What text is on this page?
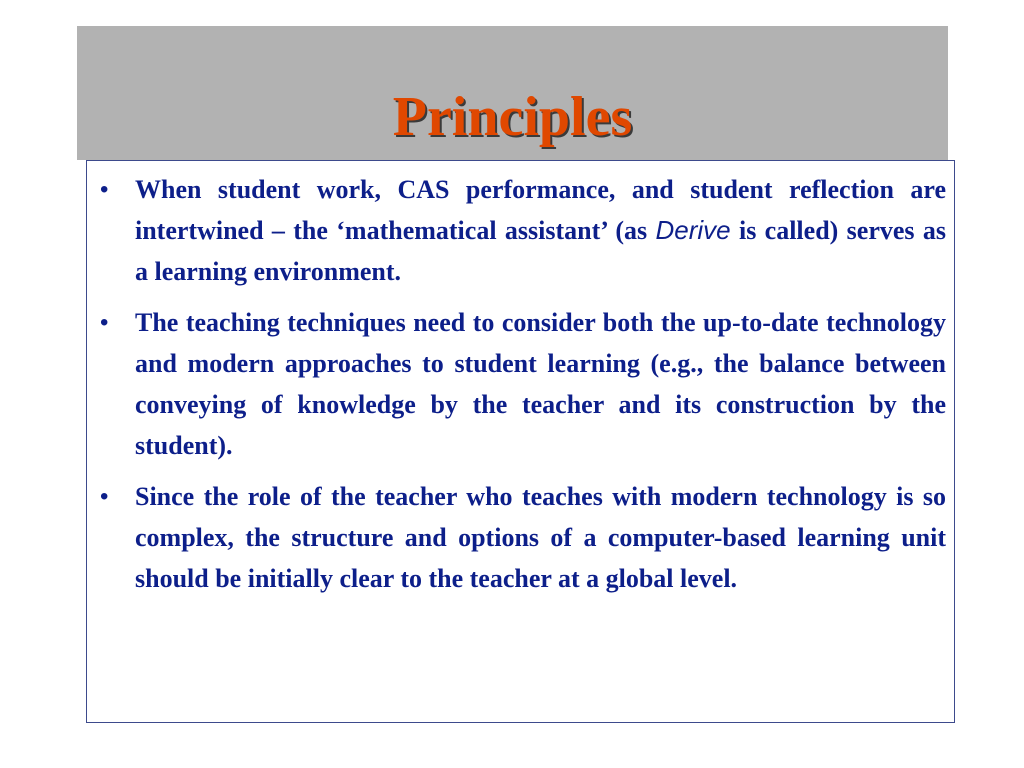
Principles
• When student work, CAS performance, and student reflection are intertwined – the ‘mathematical assistant’ (as Derive is called) serves as a learning environment.
• The teaching techniques need to consider both the up-to-date technology and modern approaches to student learning (e.g., the balance between conveying of knowledge by the teacher and its construction by the student).
• Since the role of the teacher who teaches with modern technology is so complex, the structure and options of a computer-based learning unit should be initially clear to the teacher at a global level.
